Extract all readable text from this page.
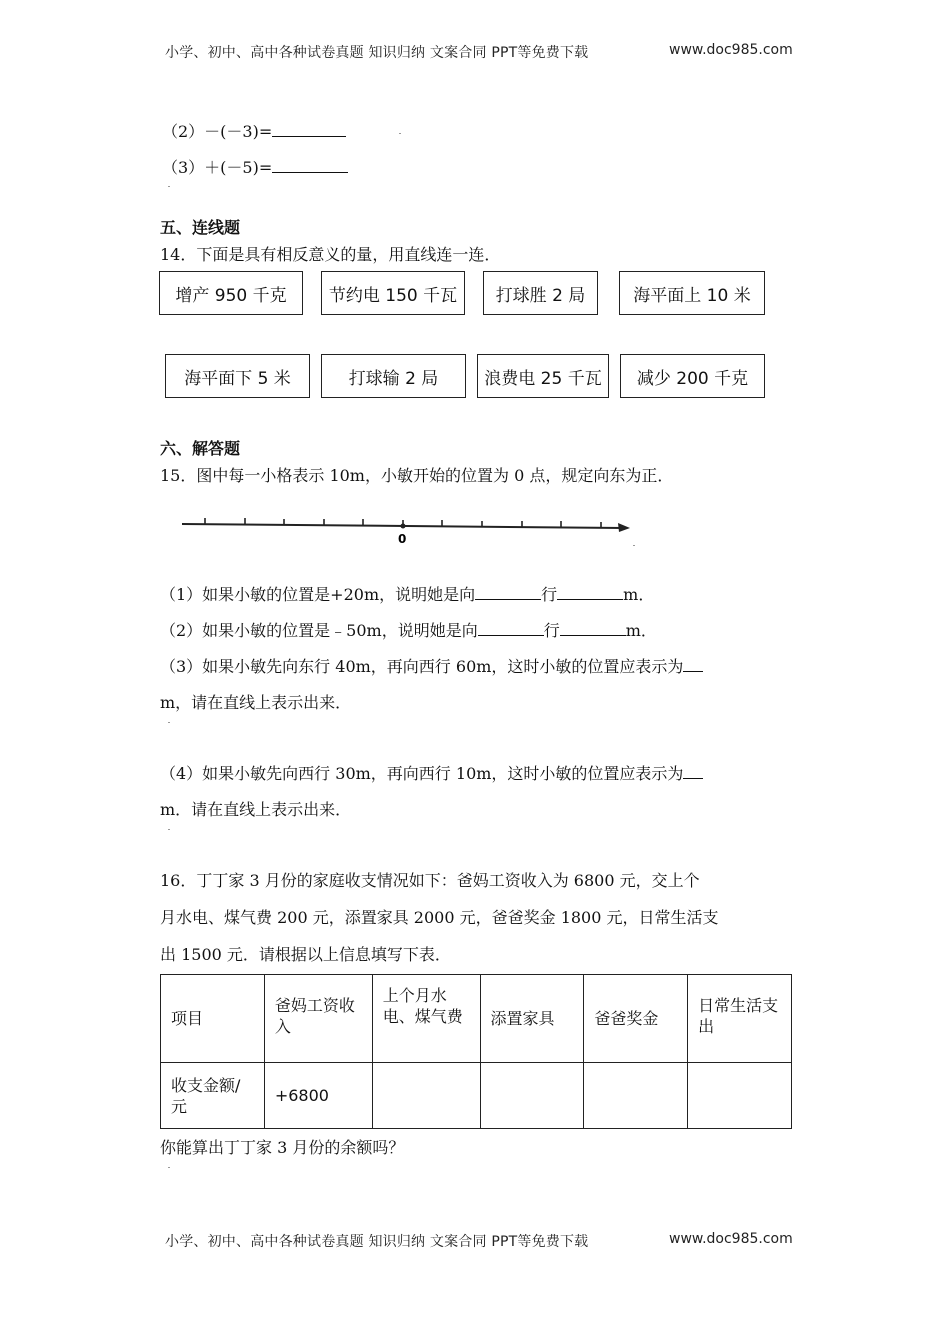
小学、初中、高中各种试卷真题 知识归纳 文案合同 PPT等免费下载	www.doc985.com
（2）－(－3)=
（3）＋(－5)=
五、连线题
14．下面是具有相反意义的量，用直线连一连．
增产 950 千克	节约电 150 千瓦	打球胜 2 局	海平面上 10 米
海平面下 5 米	打球输 2 局	浪费电 25 千瓦	减少 200 千克
六、解答题
15．图中每一小格表示 10m，小敏开始的位置为 0 点，规定向东为正．
0
（1）如果小敏的位置是+20m，说明她是向	行	m．
（2）如果小敏的位置是﹣50m，说明她是向	行	m．
（3）如果小敏先向东行 40m，再向西行 60m，这时小敏的位置应表示为
m，请在直线上表示出来．
（4）如果小敏先向西行 30m，再向西行 10m，这时小敏的位置应表示为
m．请在直线上表示出来．
16．丁丁家 3 月份的家庭收支情况如下：爸妈工资收入为 6800 元，交上个
月水电、煤气费 200 元，添置家具 2000 元，爸爸奖金 1800 元，日常生活支
出 1500 元．请根据以上信息填写下表．
项目	爸妈工资收入	上个月水电、煤气费	添置家具	爸爸奖金	日常生活支出
收支金额/元	+6800				
你能算出丁丁家 3 月份的余额吗？
小学、初中、高中各种试卷真题 知识归纳 文案合同 PPT等免费下载	www.doc985.com
